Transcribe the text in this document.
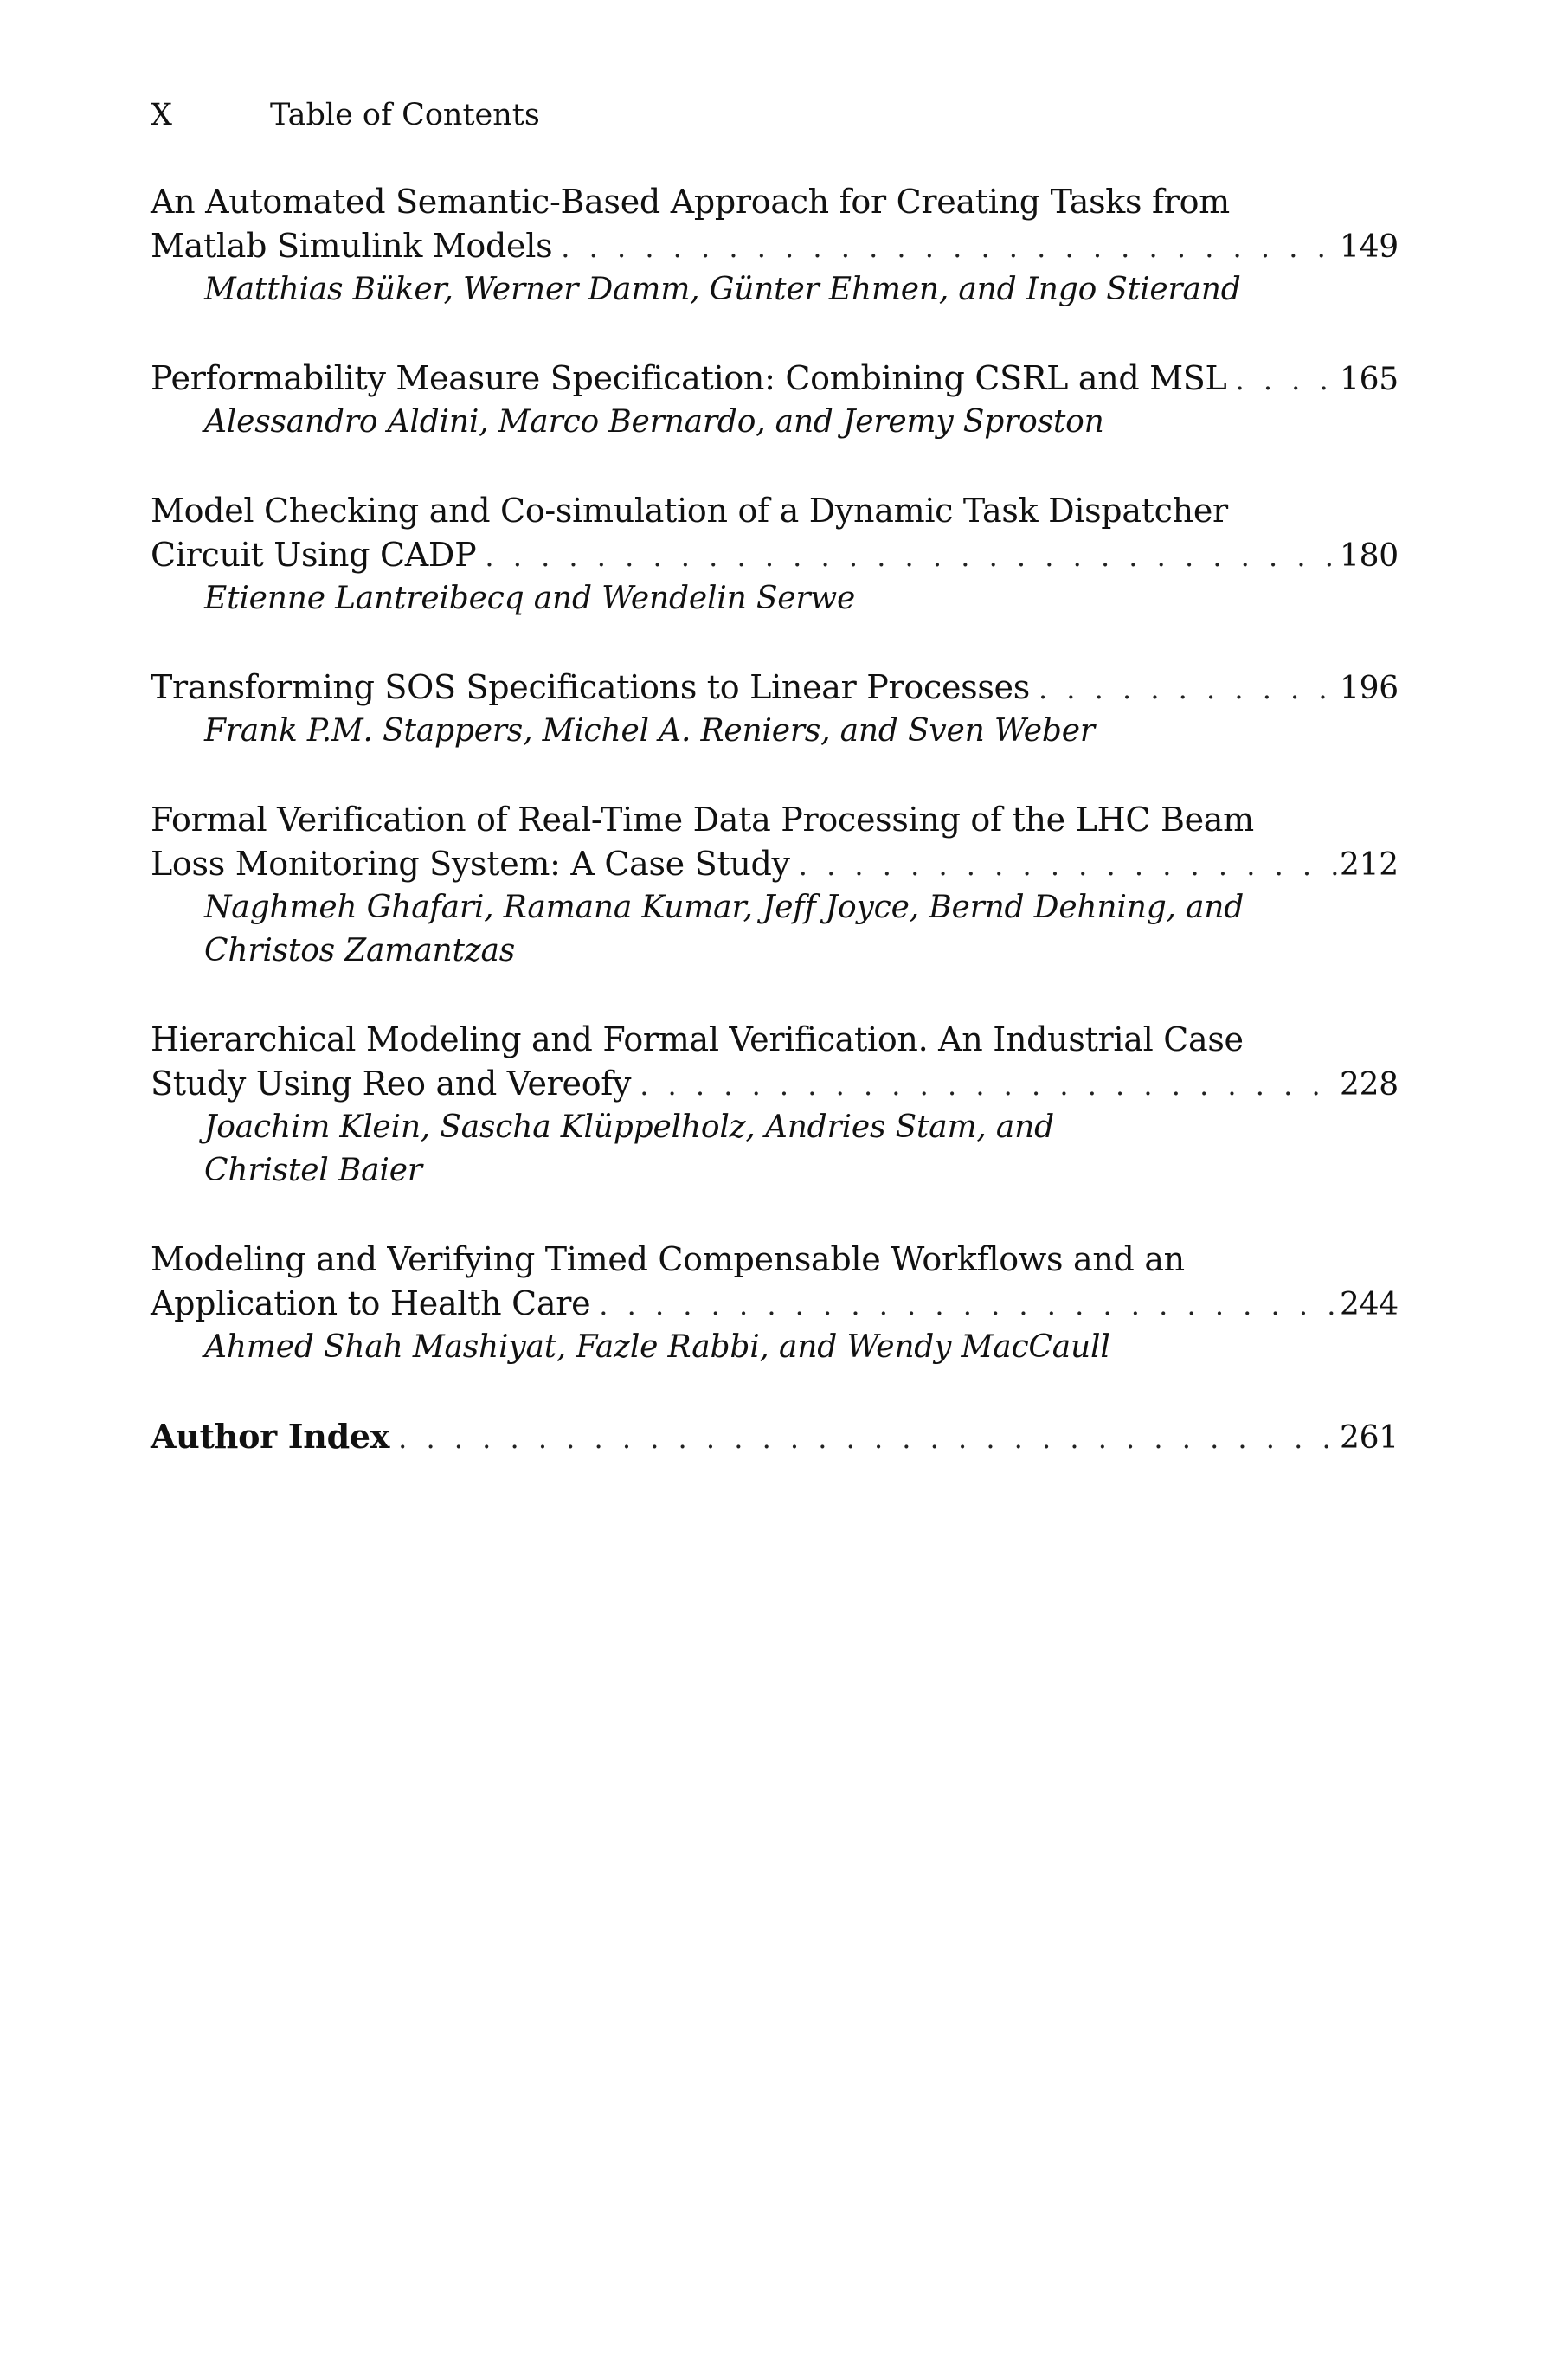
X	Table of Contents
An Automated Semantic-Based Approach for Creating Tasks from
Matlab Simulink Models . . .	149
Matthias Büker, Werner Damm, Günter Ehmen, and Ingo Stierand
Performability Measure Specification: Combining CSRL and MSL . . .	165
Alessandro Aldini, Marco Bernardo, and Jeremy Sproston
Model Checking and Co-simulation of a Dynamic Task Dispatcher
Circuit Using CADP . . .	180
Etienne Lantreibecq and Wendelin Serwe
Transforming SOS Specifications to Linear Processes . . .	196
Frank P.M. Stappers, Michel A. Reniers, and Sven Weber
Formal Verification of Real-Time Data Processing of the LHC Beam
Loss Monitoring System: A Case Study . . .	212
Naghmeh Ghafari, Ramana Kumar, Jeff Joyce, Bernd Dehning, and
Christos Zamantzas
Hierarchical Modeling and Formal Verification. An Industrial Case
Study Using Reo and Vereofy . . .	228
Joachim Klein, Sascha Klüppelholz, Andries Stam, and
Christel Baier
Modeling and Verifying Timed Compensable Workflows and an
Application to Health Care . . .	244
Ahmed Shah Mashiyat, Fazle Rabbi, and Wendy MacCaull
Author Index . . .	261
